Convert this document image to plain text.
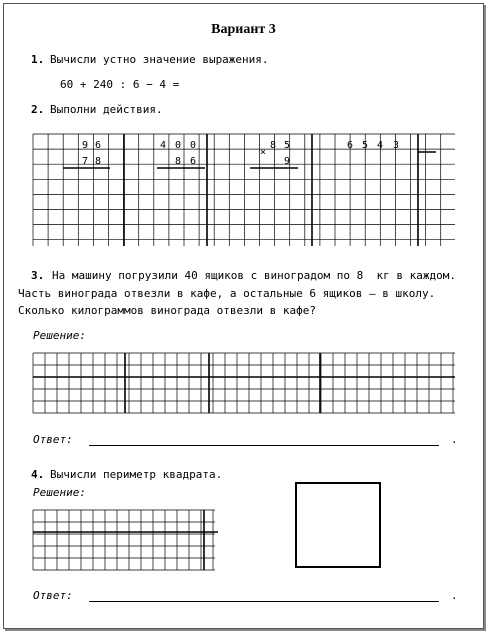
Вариант 3
1. Вычисли устно значение выражения.
60 + 240 : 6 − 4 =
2. Выполни действия.
9 6
7 8
4 0 0
8 6
×
8 5
9
6 5 4 3
3. На машину погрузили 40 ящиков с виноградом по 8  кг в каждом.
Часть винограда отвезли в кафе, а остальные 6 ящиков – в школу.
Сколько килограммов винограда отвезли в кафе?
Решение:
Ответ:	.
4. Вычисли периметр квадрата.
Решение:
Ответ:	.
